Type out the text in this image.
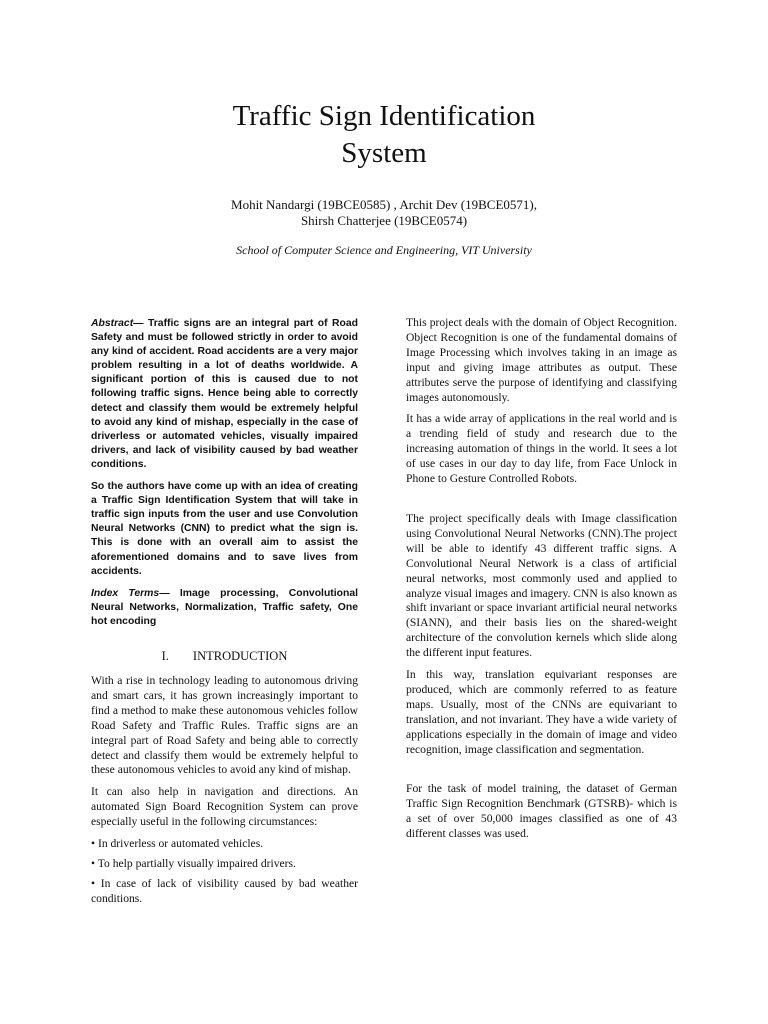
Traffic Sign Identification
System
Mohit Nandargi (19BCE0585) , Archit Dev (19BCE0571),
Shirsh Chatterjee (19BCE0574)
School of Computer Science and Engineering, VIT University

Abstract— Traffic signs are an integral part of Road Safety and must be followed strictly in order to avoid any kind of accident. Road accidents are a very major problem resulting in a lot of deaths worldwide. A significant portion of this is caused due to not following traffic signs. Hence being able to correctly detect and classify them would be extremely helpful to avoid any kind of mishap, especially in the case of driverless or automated vehicles, visually impaired drivers, and lack of visibility caused by bad weather conditions.

So the authors have come up with an idea of creating a Traffic Sign Identification System that will take in traffic sign inputs from the user and use Convolution Neural Networks (CNN) to predict what the sign is. This is done with an overall aim to assist the aforementioned domains and to save lives from accidents.

Index Terms— Image processing, Convolutional Neural Networks, Normalization, Traffic safety, One hot encoding

I. INTRODUCTION

With a rise in technology leading to autonomous driving and smart cars, it has grown increasingly important to find a method to make these autonomous vehicles follow Road Safety and Traffic Rules. Traffic signs are an integral part of Road Safety and being able to correctly detect and classify them would be extremely helpful to these autonomous vehicles to avoid any kind of mishap.

It can also help in navigation and directions. An automated Sign Board Recognition System can prove especially useful in the following circumstances:

• In driverless or automated vehicles.

• To help partially visually impaired drivers.

• In case of lack of visibility caused by bad weather conditions.

This project deals with the domain of Object Recognition. Object Recognition is one of the fundamental domains of Image Processing which involves taking in an image as input and giving image attributes as output. These attributes serve the purpose of identifying and classifying images autonomously.

It has a wide array of applications in the real world and is a trending field of study and research due to the increasing automation of things in the world. It sees a lot of use cases in our day to day life, from Face Unlock in Phone to Gesture Controlled Robots.

The project specifically deals with Image classification using Convolutional Neural Networks (CNN).The project will be able to identify 43 different traffic signs. A Convolutional Neural Network is a class of artificial neural networks, most commonly used and applied to analyze visual images and imagery. CNN is also known as shift invariant or space invariant artificial neural networks (SIANN), and their basis lies on the shared-weight architecture of the convolution kernels which slide along the different input features.

In this way, translation equivariant responses are produced, which are commonly referred to as feature maps. Usually, most of the CNNs are equivariant to translation, and not invariant. They have a wide variety of applications especially in the domain of image and video recognition, image classification and segmentation.

For the task of model training, the dataset of German Traffic Sign Recognition Benchmark (GTSRB)- which is a set of over 50,000 images classified as one of 43 different classes was used.
